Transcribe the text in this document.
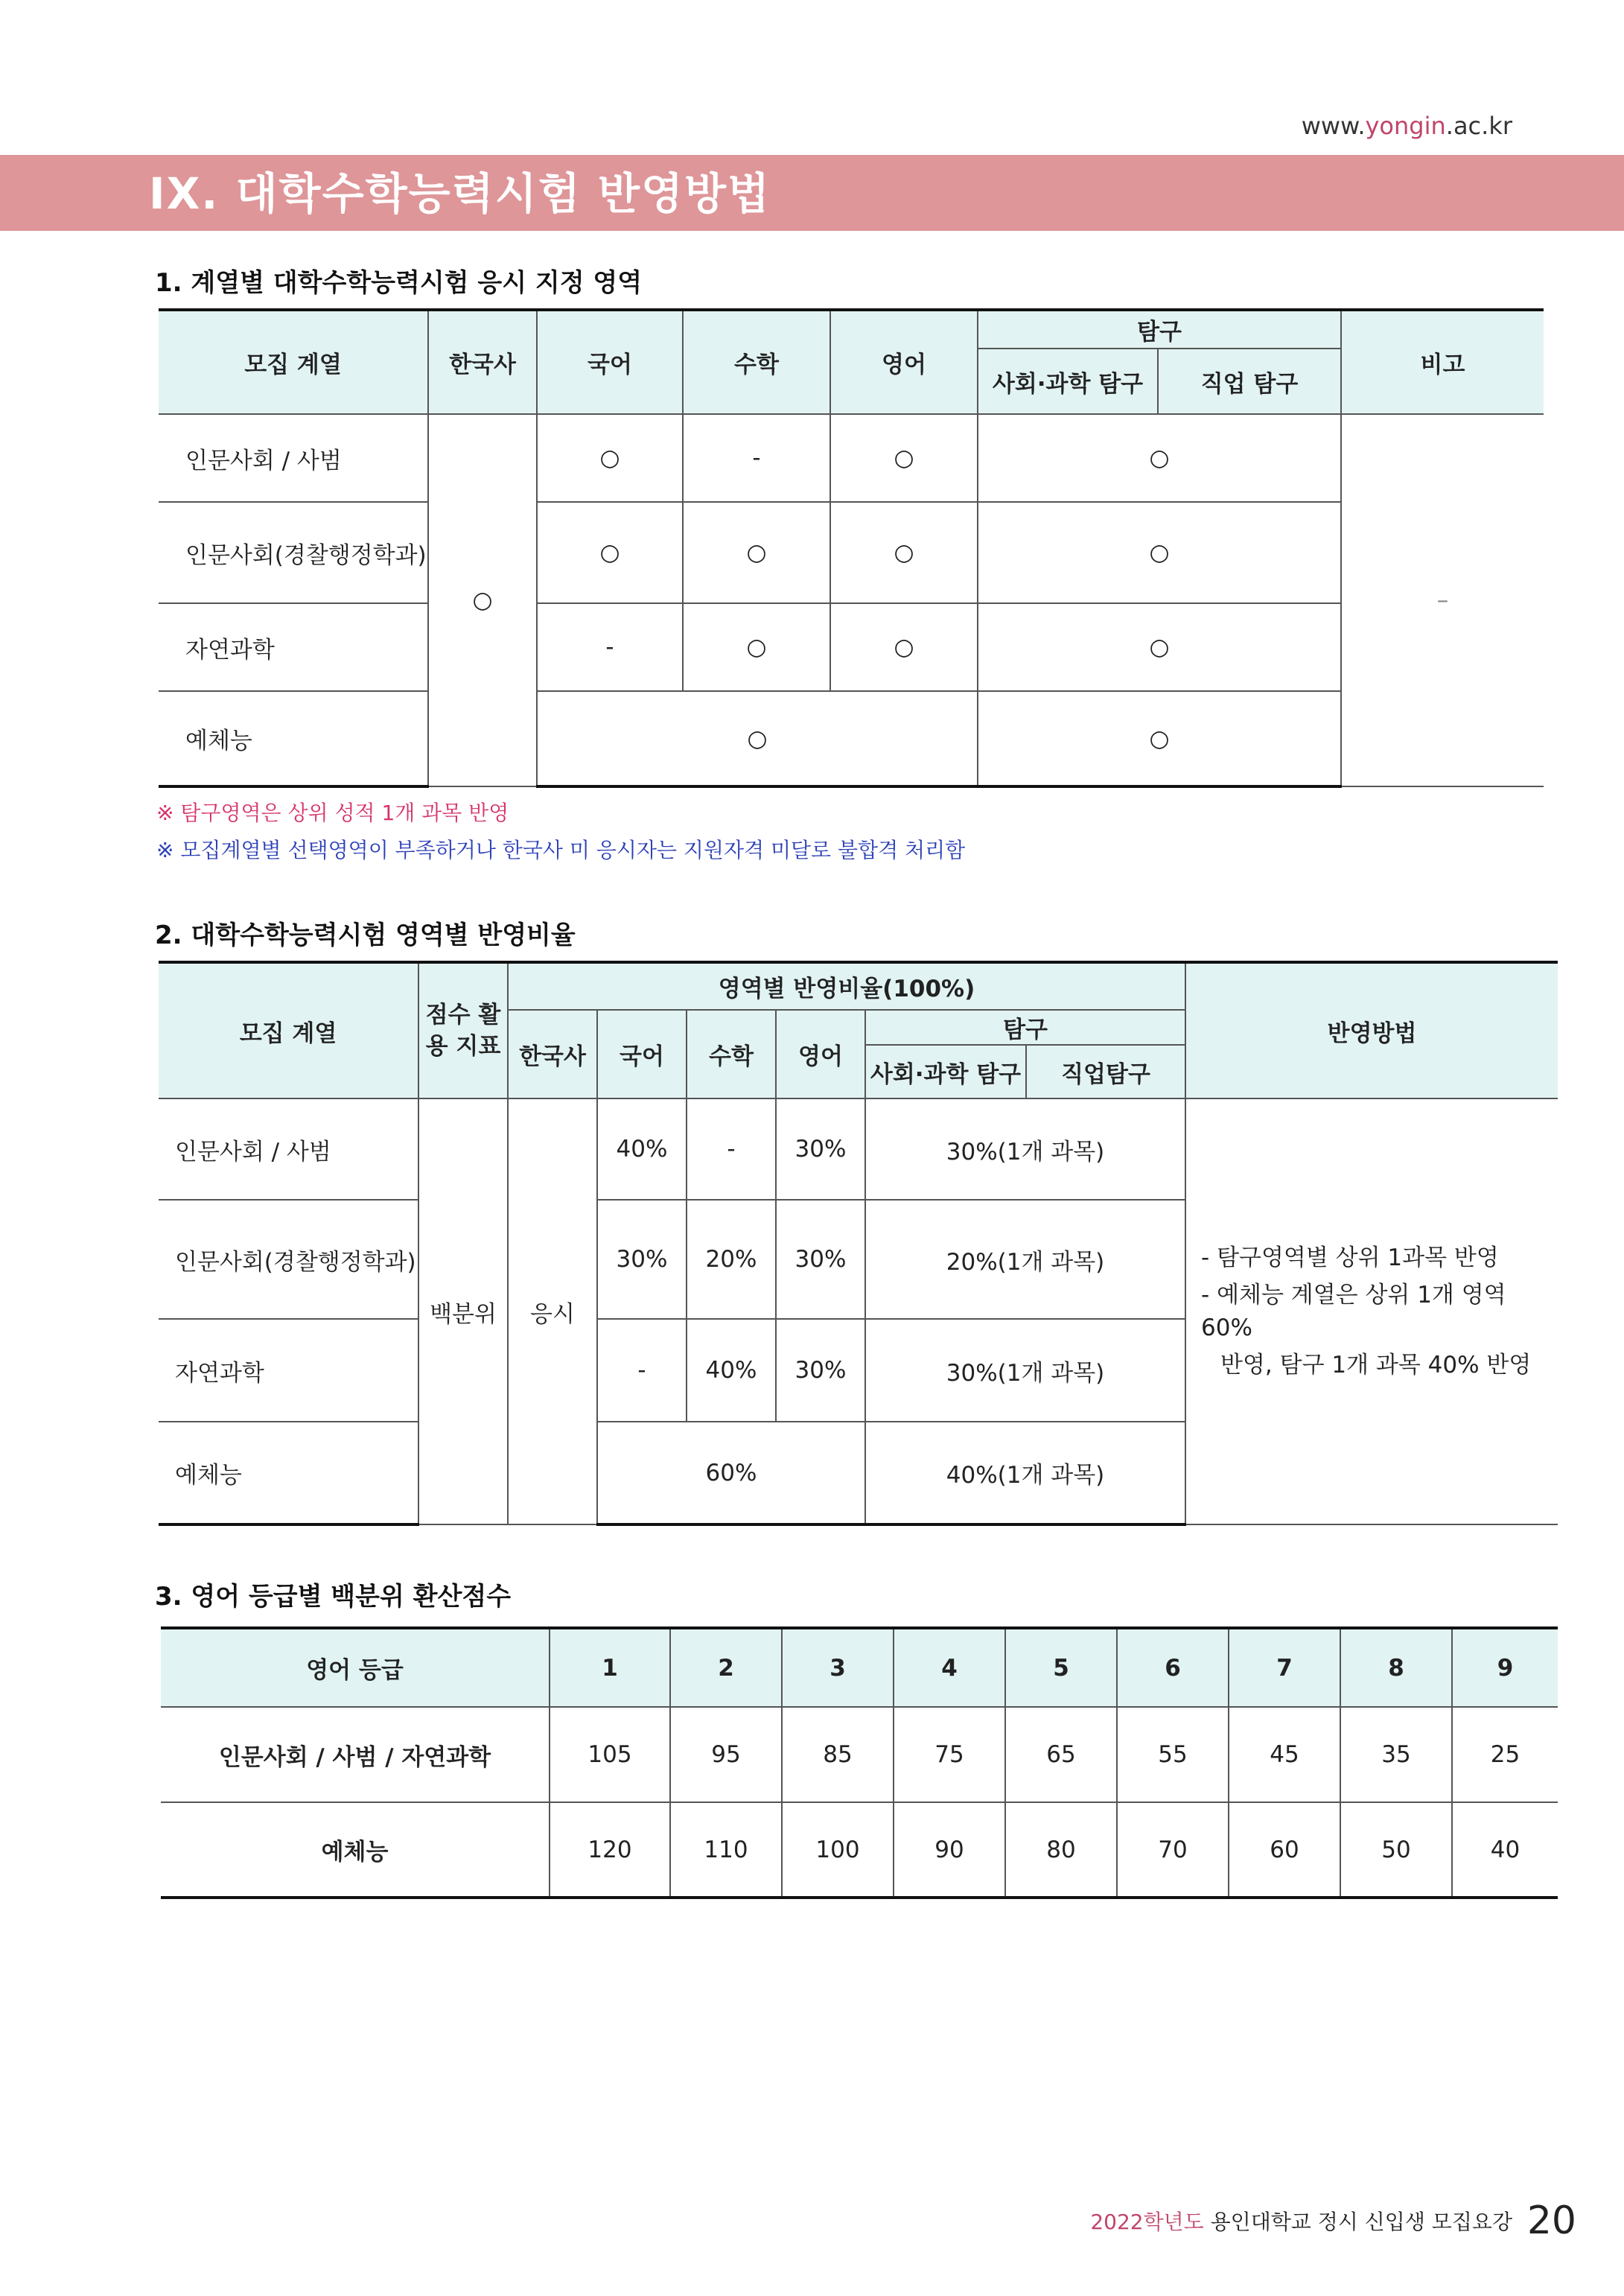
www.yongin.ac.kr
IX. 대학수학능력시험 반영방법
1. 계열별 대학수학능력시험 응시 지정 영역
모집 계열	한국사	국어	수학	영어	탐구		비고
					사회·과학 탐구	직업 탐구	
인문사회 / 사범	○	○	-	○	○		–
인문사회(경찰행정학과)		○	○	○	○		
자연과학		-	○	○	○		
예체능		○			○		
※ 탐구영역은 상위 성적 1개 과목 반영
※ 모집계열별 선택영역이 부족하거나 한국사 미 응시자는 지원자격 미달로 불합격 처리함
2. 대학수학능력시험 영역별 반영비율
모집 계열	점수 활용 지표	영역별 반영비율(100%)						반영방법
		한국사	국어	수학	영어	탐구		
						사회·과학 탐구	직업탐구	
인문사회 / 사범	백분위	응시	40%	-	30%	30%(1개 과목)		- 탐구영역별 상위 1과목 반영
- 예체능 계열은 상위 1개 영역 60%
반영, 탐구 1개 과목 40% 반영

인문사회(경찰행정학과)			30%	20%	30%	20%(1개 과목)		
자연과학			-	40%	30%	30%(1개 과목)		
예체능			60%			40%(1개 과목)		
3. 영어 등급별 백분위 환산점수
영어 등급	1	2	3	4	5	6	7	8	9
인문사회 / 사범 / 자연과학	105	95	85	75	65	55	45	35	25
예체능	120	110	100	90	80	70	60	50	40
2022학년도 용인대학교 정시 신입생 모집요강 20
